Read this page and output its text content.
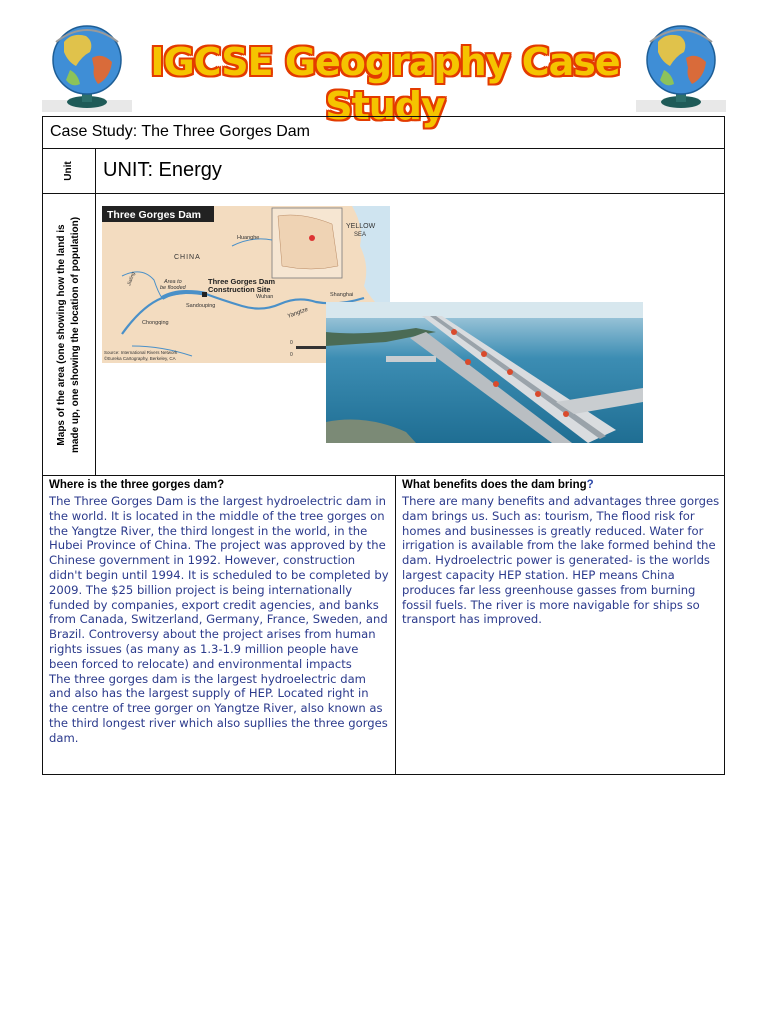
IGCSE Geography Case Study
Case Study: The Three Gorges Dam
Unit UNIT: Energy
Maps of the area (one showing how the land is made up, one showing the location of population)
Three Gorges Dam
YELLOW
SEA
CHINA
Huanghe
Area to
be flooded
Three Gorges Dam
Construction Site
Wuhan
Sandouping
Shanghai
Chongqing
Yangtze
Jialing
Source: International Rivers Network
©Eureka Cartography, Berkeley, CA
0
0
Where is the three gorges dam?

The Three Gorges Dam is the largest hydroelectric dam in the world. It is located in the middle of the tree gorges on the Yangtze River, the third longest in the world, in the Hubei Province of China. The project was approved by the Chinese government in 1992. However, construction didn't begin until 1994. It is scheduled to be completed by 2009. The $25 billion project is being internationally funded by companies, export credit agencies, and banks from Canada, Switzerland, Germany, France, Sweden, and Brazil. Controversy about the project arises from human rights issues (as many as 1.3-1.9 million people have been forced to relocate) and environmental impacts

The three gorges dam is the largest hydroelectric dam and also has the largest supply of HEP. Located right in the centre of tree gorger on Yangtze River, also known as the third longest river which also supllies the three gorges dam.

What benefits does the dam bring?

There are many benefits and advantages three gorges dam brings us. Such as: tourism, The flood risk for homes and businesses is greatly reduced. Water for irrigation is available from the lake formed behind the dam. Hydroelectric power is generated- is the worlds largest capacity HEP station. HEP means China produces far less greenhouse gasses from burning fossil fuels. The river is more navigable for ships so transport has improved.
